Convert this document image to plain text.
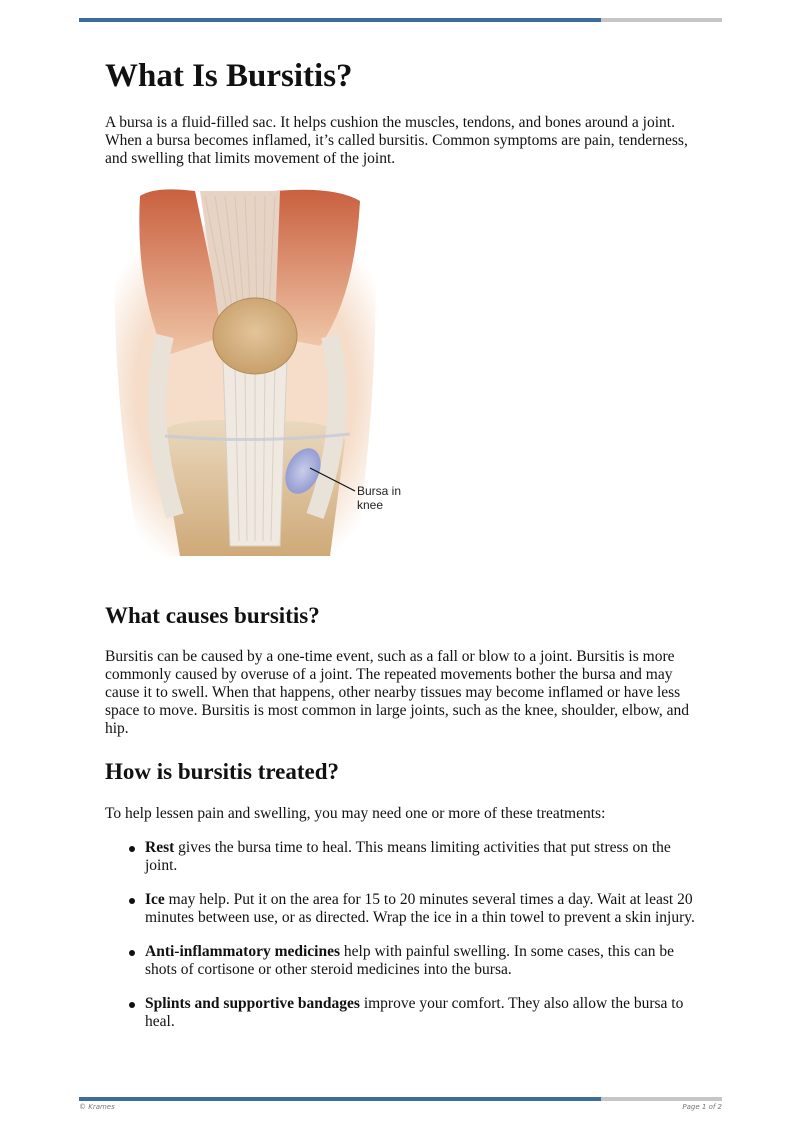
What Is Bursitis?

A bursa is a fluid-filled sac. It helps cushion the muscles, tendons, and bones around a joint. When a bursa becomes inflamed, it’s called bursitis. Common symptoms are pain, tenderness, and swelling that limits movement of the joint.

Bursa in
knee
What causes bursitis?

Bursitis can be caused by a one-time event, such as a fall or blow to a joint. Bursitis is more commonly caused by overuse of a joint. The repeated movements bother the bursa and may cause it to swell. When that happens, other nearby tissues may become inflamed or have less space to move. Bursitis is most common in large joints, such as the knee, shoulder, elbow, and hip.

How is bursitis treated?

To help lessen pain and swelling, you may need one or more of these treatments:

Rest gives the bursa time to heal. This means limiting activities that put stress on the joint.
Ice may help. Put it on the area for 15 to 20 minutes several times a day. Wait at least 20 minutes between use, or as directed. Wrap the ice in a thin towel to prevent a skin injury.
Anti-inflammatory medicines help with painful swelling. In some cases, this can be shots of cortisone or other steroid medicines into the bursa.
Splints and supportive bandages improve your comfort. They also allow the bursa to heal.
© Krames	Page 1 of 2
